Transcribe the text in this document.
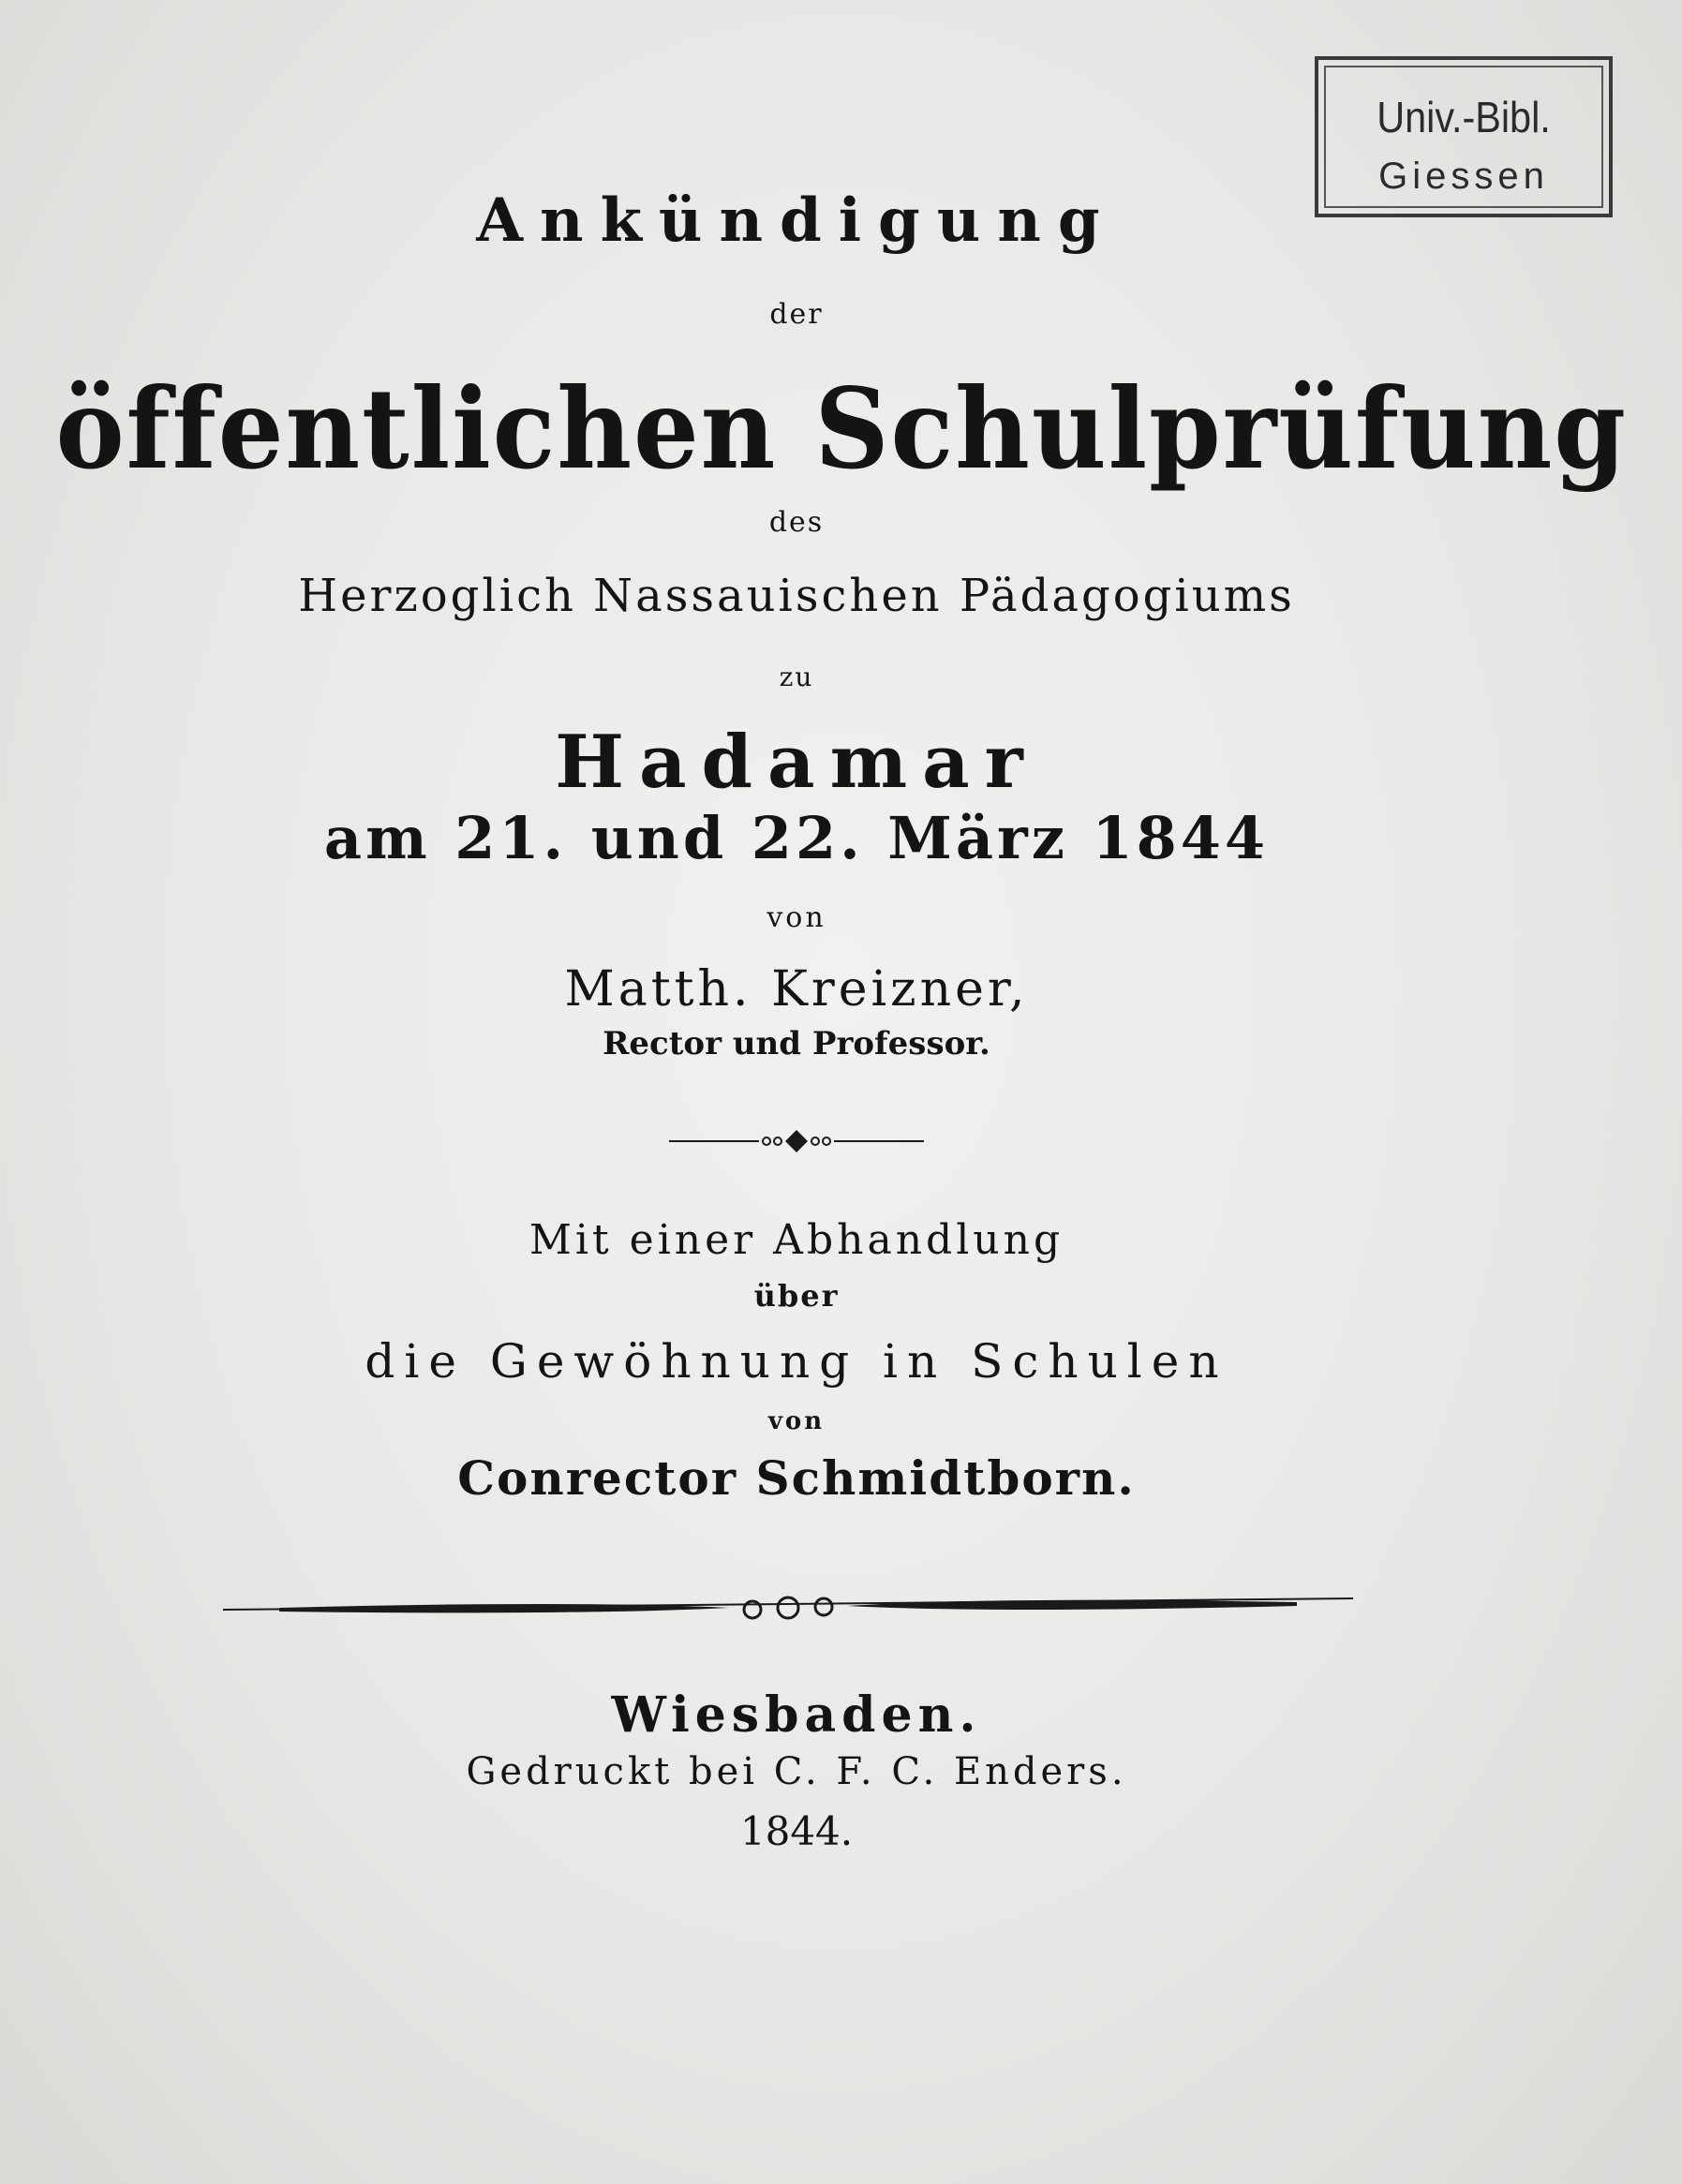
Univ.-Bibl.
Giessen
Ankündigung
der
öffentlichen Schulprüfung
des
Herzoglich Nassauischen Pädagogiums
zu
Hadamar
am 21. und 22. März 1844
von
Matth. Kreizner,
Rector und Professor.
Mit einer Abhandlung
über
die Gewöhnung in Schulen
von
Conrector Schmidtborn.
Wiesbaden.
Gedruckt bei C. F. C. Enders.
1844.
